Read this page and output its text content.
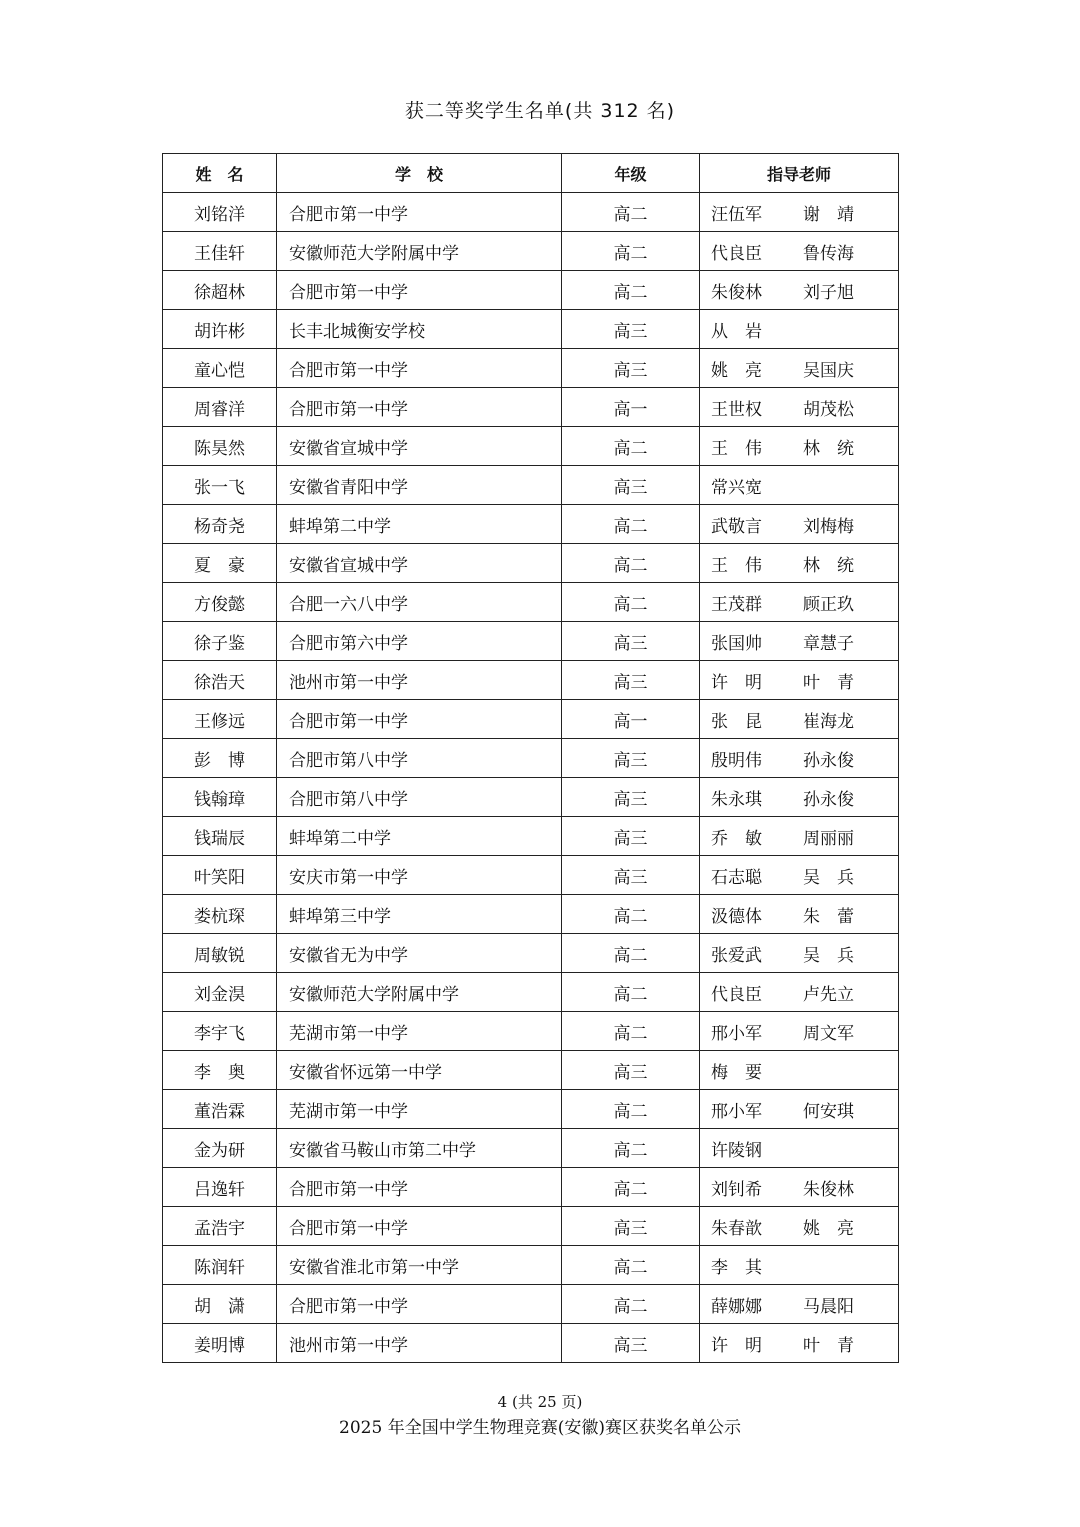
获二等奖学生名单(共 312 名)
姓　名	学　校	年级	指导老师
刘铭洋	合肥市第一中学	高二	汪伍军 谢　靖
王佳轩	安徽师范大学附属中学	高二	代良臣 鲁传海
徐超林	合肥市第一中学	高二	朱俊林 刘子旭
胡许彬	长丰北城衡安学校	高三	从　岩
童心恺	合肥市第一中学	高三	姚　亮 吴国庆
周睿洋	合肥市第一中学	高一	王世权 胡茂松
陈昊然	安徽省宣城中学	高二	王　伟 林　统
张一飞	安徽省青阳中学	高三	常兴宽
杨奇尧	蚌埠第二中学	高二	武敬言 刘梅梅
夏　豪	安徽省宣城中学	高二	王　伟 林　统
方俊懿	合肥一六八中学	高二	王茂群 顾正玖
徐子鉴	合肥市第六中学	高三	张国帅 章慧子
徐浩天	池州市第一中学	高三	许　明 叶　青
王修远	合肥市第一中学	高一	张　昆 崔海龙
彭　博	合肥市第八中学	高三	殷明伟 孙永俊
钱翰璋	合肥市第八中学	高三	朱永琪 孙永俊
钱瑞辰	蚌埠第二中学	高三	乔　敏 周丽丽
叶笑阳	安庆市第一中学	高三	石志聪 吴　兵
娄杭琛	蚌埠第三中学	高二	汲德体 朱　蕾
周敏锐	安徽省无为中学	高二	张爱武 吴　兵
刘金淏	安徽师范大学附属中学	高二	代良臣 卢先立
李宇飞	芜湖市第一中学	高二	邢小军 周文军
李　奥	安徽省怀远第一中学	高三	梅　要
董浩霖	芜湖市第一中学	高二	邢小军 何安琪
金为研	安徽省马鞍山市第二中学	高二	许陵钢
吕逸轩	合肥市第一中学	高二	刘钊希 朱俊林
孟浩宇	合肥市第一中学	高三	朱春歆 姚　亮
陈润轩	安徽省淮北市第一中学	高二	李　其
胡　潇	合肥市第一中学	高二	薛娜娜 马晨阳
姜明博	池州市第一中学	高三	许　明 叶　青
4 (共 25 页)
2025 年全国中学生物理竞赛(安徽)赛区获奖名单公示
